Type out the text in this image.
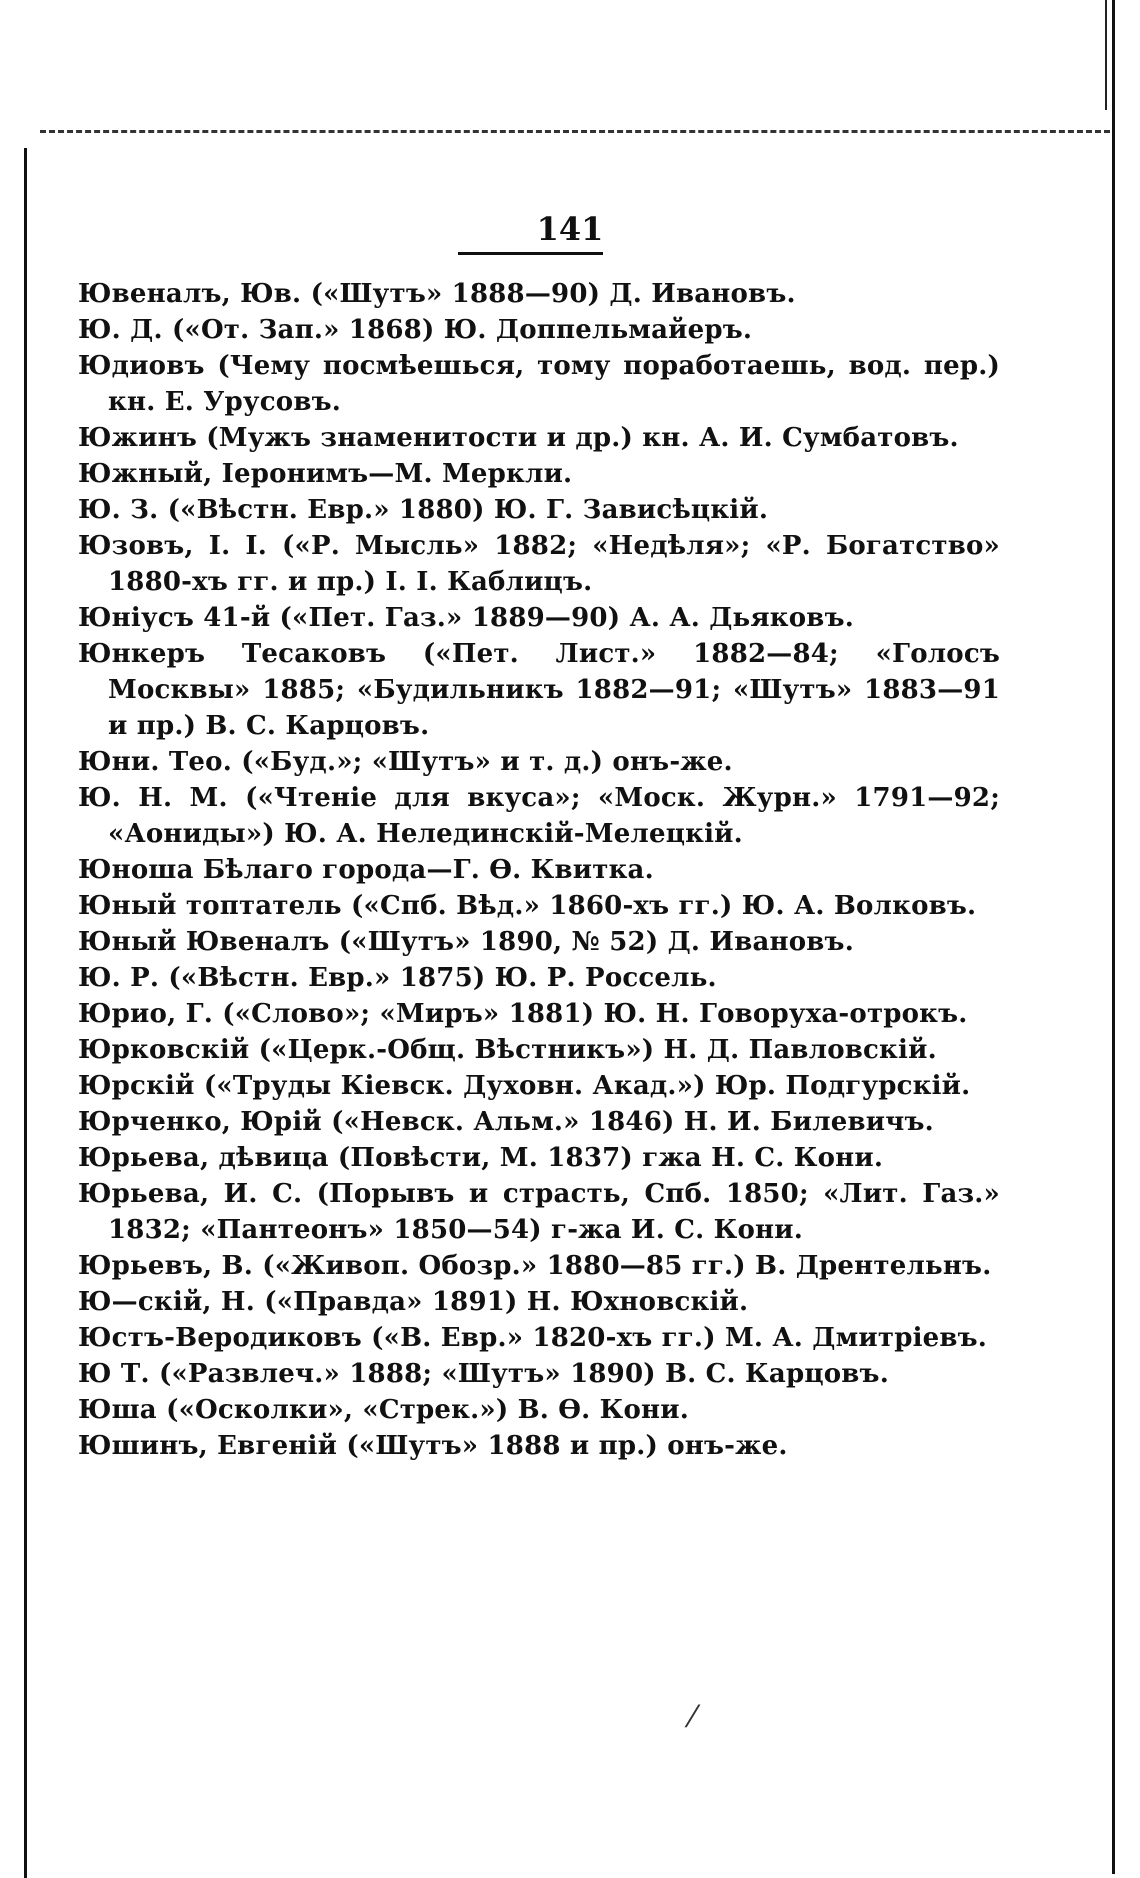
141

Ювеналъ, Юв. («Шутъ» 1888—90) Д. Ивановъ.

Ю. Д. («От. Зап.» 1868) Ю. Доппельмайеръ.

Юдиовъ (Чему посмѣешься, тому поработаешь, вод. пер.) кн. Е. Урусовъ.

Южинъ (Мужъ знаменитости и др.) кн. А. И. Сумбатовъ.

Южный, Іеронимъ—М. Меркли.

Ю. З. («Вѣстн. Евр.» 1880) Ю. Г. Завиcѣцкій.

Юзовъ, І. І. («Р. Мысль» 1882; «Недѣля»; «Р. Богатство» 1880-хъ гг. и пр.) І. І. Каблицъ.

Юніусъ 41-й («Пет. Газ.» 1889—90) А. А. Дьяковъ.

Юнкеръ Тесаковъ («Пет. Лист.» 1882—84; «Голосъ Москвы» 1885; «Будильникъ 1882—91; «Шутъ» 1883—91 и пр.) В. С. Карцовъ.

Юни. Тео. («Буд.»; «Шутъ» и т. д.) онъ-же.

Ю. Н. М. («Чтеніе для вкуса»; «Моск. Журн.» 1791—92; «Аониды») Ю. А. Нелединскій-Мелецкій.

Юноша Бѣлаго города—Г. Ѳ. Квитка.

Юный топтатель («Спб. Вѣд.» 1860-хъ гг.) Ю. А. Волковъ.

Юный Ювеналъ («Шутъ» 1890, № 52) Д. Ивановъ.

Ю. Р. («Вѣстн. Евр.» 1875) Ю. Р. Россель.

Юрио, Г. («Слово»; «Миръ» 1881) Ю. Н. Говоруха-отрокъ.

Юрковскій («Церк.-Общ. Вѣстникъ») Н. Д. Павловскій.

Юрскій («Труды Кіевск. Духовн. Акад.») Юр. Подгурскій.

Юрченко, Юрій («Невск. Альм.» 1846) Н. И. Билевичъ.

Юрьева, дѣвица (Повѣсти, М. 1837) гжа Н. С. Кони.

Юрьева, И. С. (Порывъ и страсть, Спб. 1850; «Лит. Газ.» 1832; «Пантеонъ» 1850—54) г-жа И. С. Кони.

Юрьевъ, В. («Живоп. Обозр.» 1880—85 гг.) В. Дрентельнъ.

Ю—скій, Н. («Правда» 1891) Н. Юхновскій.

Юстъ-Веродиковъ («В. Евр.» 1820-хъ гг.) М. А. Дмитріевъ.

Ю Т. («Развлеч.» 1888; «Шутъ» 1890) В. С. Карцовъ.

Юша («Осколки», «Стрек.») В. Ѳ. Кони.

Юшинъ, Евгеній («Шутъ» 1888 и пр.) онъ-же.

⁄
